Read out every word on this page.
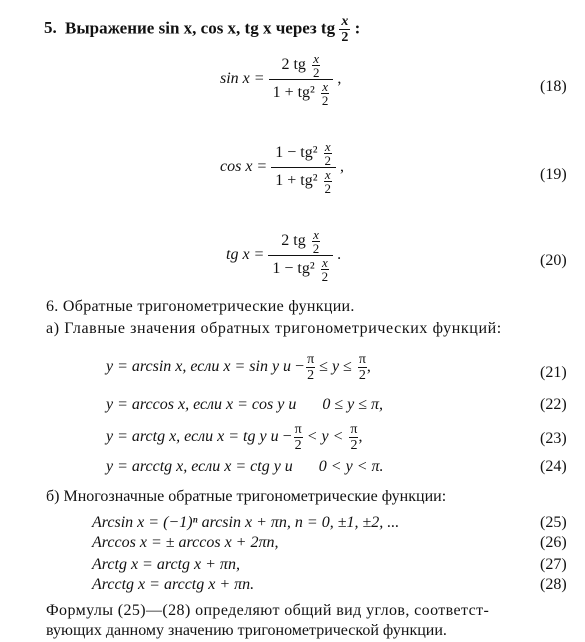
5. Выражение sin x, cos x, tg x через tg $\frac{x}{2}$ :
$\sin x = \frac{2 tg \frac{x}{2}}{1 + tg^2 \frac{x}{2}}$ ,	(18)
$\cos x = \frac{1 - tg^2 \frac{x}{2}}{1 + tg^2 \frac{x}{2}}$ ,	(19)
tg $x = \frac{2 tg \frac{x}{2}}{1 - tg^2 \frac{x}{2}}$ .	(20)
6. Обратные тригонометрические функции.
а) Главные значения обратных тригонометрических функций:
y = arcsin x, если x = sin y $и - \frac{\pi}{2} \le y \le \frac{\pi}{2}$ ,	(21)
y = arccos x, если x = cos y и 0 ≤ y ≤ π,	(22)
y = arctg x, если x = tg y $и - \frac{\pi}{2} < y < \frac{\pi}{2}$ ,	(23)
y = arcctg x, если x = ctg y и 0 < y < π.	(24)
б) Многозначные обратные тригонометрические функции:
Arcsin x = (−1)ⁿ arcsin x + πn, n = 0, ±1, ±2, ...	(25)
Arccos x = ± arccos x + 2πn,	(26)
Arctg x = arctg x + πn,	(27)
Arcctg x = arcctg x + πn.	(28)
Формулы (25)—(28) определяют общий вид углов, соответст-
вующих данному значению тригонометрической функции.
